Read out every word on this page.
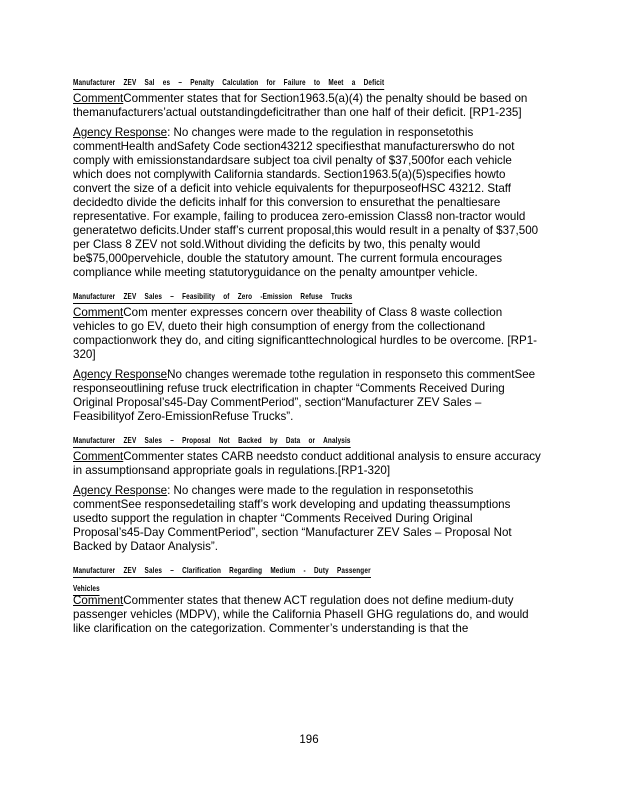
Manufacturer ZEV Sal es – Penalty Calculation for Failure to Meet a Deficit

CommentCommenter states that for Section1963.5(a)(4) the penalty should be based on themanufacturers’actual outstandingdeficitrather than one half of their deficit. [RP1-235]

Agency Response: No changes were made to the regulation in responsetothis commentHealth andSafety Code section43212 specifiesthat manufacturerswho do not comply with emissionstandardsare subject toa civil penalty of $37,500for each vehicle which does not complywith California standards. Section1963.5(a)(5)specifies howto convert the size of a deficit into vehicle equivalents for thepurposeofHSC 43212. Staff decidedto divide the deficits inhalf for this conversion to ensurethat the penaltiesare representative. For example, failing to producea zero-emission Class8 non-tractor would generatetwo deficits.Under staff’s current proposal,this would result in a penalty of $37,500 per Class 8 ZEV not sold.Without dividing the deficits by two, this penalty would be$75,000pervehicle, double the statutory amount. The current formula encourages compliance while meeting statutoryguidance on the penalty amountper vehicle.

Manufacturer ZEV Sales – Feasibility of Zero -Emission Refuse Trucks

CommentCom menter expresses concern over theability of Class 8 waste collection vehicles to go EV, dueto their high consumption of energy from the collectionand compactionwork they do, and citing significanttechnological hurdles to be overcome. [RP1-320]

Agency ResponseNo changes weremade tothe regulation in responseto this commentSee responseoutlining refuse truck electrification in chapter “Comments Received During Original Proposal’s45-Day CommentPeriod”, section“Manufacturer ZEV Sales – Feasibilityof Zero-EmissionRefuse Trucks”.

Manufacturer ZEV Sales – Proposal Not Backed by Data or Analysis

CommentCommenter states CARB needsto conduct additional analysis to ensure accuracy in assumptionsand appropriate goals in regulations.[RP1-320]

Agency Response: No changes were made to the regulation in responsetothis commentSee responsedetailing staff’s work developing and updating theassumptions usedto support the regulation in chapter “Comments Received During Original Proposal’s45-Day CommentPeriod”, section “Manufacturer ZEV Sales – Proposal Not Backed by Dataor Analysis”.

Manufacturer ZEV Sales – Clarification Regarding Medium - Duty Passenger
Vehicles

CommentCommenter states that thenew ACT regulation does not define medium-duty passenger vehicles (MDPV), while the California PhaseII GHG regulations do, and would like clarification on the categorization. Commenter’s understanding is that the

196
